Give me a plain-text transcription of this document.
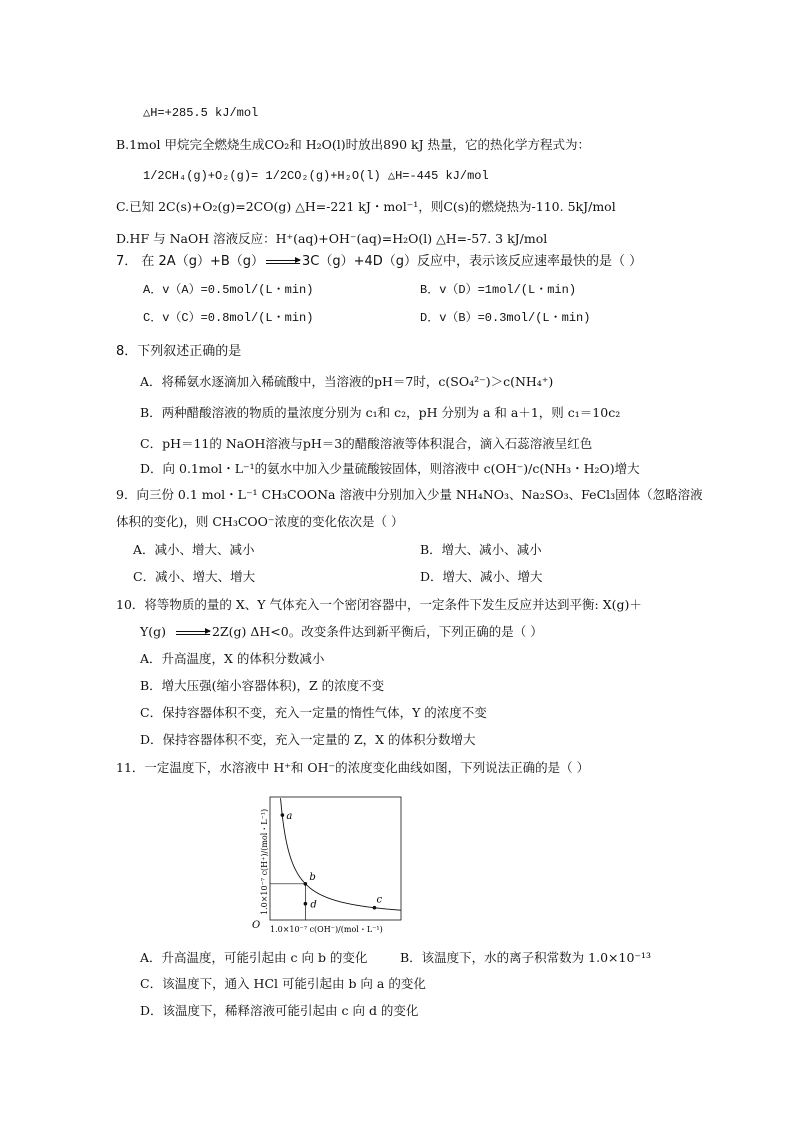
△H=+285.5 kJ/mol
B.1mol 甲烷完全燃烧生成CO₂和 H₂O(l)时放出890 kJ 热量，它的热化学方程式为：
1/2CH₄(g)+O₂(g)= 1/2CO₂(g)+H₂O(l) △H=-445 kJ/mol
C.已知 2C(s)+O₂(g)=2CO(g) △H=-221 kJ・mol⁻¹，则C(s)的燃烧热为-110. 5kJ/mol
D.HF 与 NaOH 溶液反应：H⁺(aq)+OH⁻(aq)=H₂O(l) △H=-57. 3 kJ/mol
7． 在 2A（g）+B（g）	3C（g）+4D（g）反应中，表示该反应速率最快的是（ ）
A．v（A）=0.5mol/(L・min)	B．v（D）=1mol/(L・min)
C．v（C）=0.8mol/(L・min)	D．v（B）=0.3mol/(L・min)
8．下列叙述正确的是
A．将稀氨水逐滴加入稀硫酸中，当溶液的pH＝7时，c(SO₄²⁻)＞c(NH₄⁺)
B．两种醋酸溶液的物质的量浓度分别为 c₁和 c₂，pH 分别为 a 和 a＋1，则 c₁＝10c₂
C．pH＝11的 NaOH溶液与pH＝3的醋酸溶液等体积混合，滴入石蕊溶液呈红色
D．向 0.1mol・L⁻¹的氨水中加入少量硫酸铵固体，则溶液中 c(OH⁻)/c(NH₃・H₂O)增大
9．向三份 0.1 mol・L⁻¹ CH₃COONa 溶液中分别加入少量 NH₄NO₃、Na₂SO₃、FeCl₃固体（忽略溶液
体积的变化)，则 CH₃COO⁻浓度的变化依次是（ ）
A．减小、增大、减小	B．增大、减小、减小
C．减小、增大、增大	D．增大、减小、增大
10．将等物质的量的 X、Y 气体充入一个密闭容器中，一定条件下发生反应并达到平衡: X(g)＋
Y(g)	2Z(g) ΔH<0。改变条件达到新平衡后，下列正确的是（ ）
A．升高温度，X 的体积分数减小
B．增大压强(缩小容器体积)，Z 的浓度不变
C．保持容器体积不变，充入一定量的惰性气体，Y 的浓度不变
D．保持容器体积不变，充入一定量的 Z，X 的体积分数增大
11．一定温度下，水溶液中 H⁺和 OH⁻的浓度变化曲线如图，下列说法正确的是（ ）
O
1.0×10⁻⁷ c(H⁺)/(mol・L⁻¹)
1.0×10⁻⁷ c(OH⁻)/(mol・L⁻¹)
a
b
c
d
A．升高温度，可能引起由 c 向 b 的变化	B．该温度下，水的离子积常数为 1.0×10⁻¹³
C．该温度下，通入 HCl 可能引起由 b 向 a 的变化
D．该温度下，稀释溶液可能引起由 c 向 d 的变化
